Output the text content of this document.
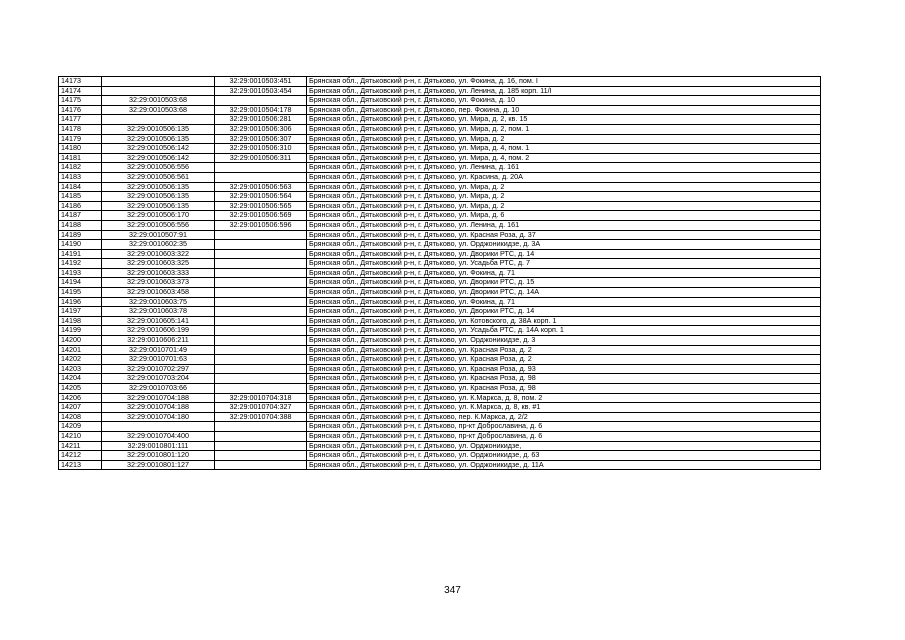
14173		32:29:0010503:451	Брянская обл., Дятьковский р-н, г. Дятьково, ул. Фокина, д. 16, пом. I
14174		32:29:0010503:454	Брянская обл., Дятьковский р-н, г. Дятьково, ул. Ленина, д. 185 корп. 11/I
14175	32:29:0010503:68		Брянская обл., Дятьковский р-н, г. Дятьково, ул. Фокина, д. 10
14176	32:29:0010503:68	32:29:0010504:178	Брянская обл., Дятьковский р-н, г. Дятьково, пер. Фокина, д. 10
14177		32:29:0010506:281	Брянская обл., Дятьковский р-н, г. Дятьково, ул. Мира, д. 2, кв. 15
14178	32:29:0010506:135	32:29:0010506:306	Брянская обл., Дятьковский р-н, г. Дятьково, ул. Мира, д. 2, пом. 1
14179	32:29:0010506:135	32:29:0010506:307	Брянская обл., Дятьковский р-н, г. Дятьково, ул. Мира, д. 2
14180	32:29:0010506:142	32:29:0010506:310	Брянская обл., Дятьковский р-н, г. Дятьково, ул. Мира, д. 4, пом. 1
14181	32:29:0010506:142	32:29:0010506:311	Брянская обл., Дятьковский р-н, г. Дятьково, ул. Мира, д. 4, пом. 2
14182	32:29:0010506:556		Брянская обл., Дятьковский р-н, г. Дятьково, ул. Ленина, д. 161
14183	32:29:0010506:561		Брянская обл., Дятьковский р-н, г. Дятьково, ул. Красина, д. 20А
14184	32:29:0010506:135	32:29:0010506:563	Брянская обл., Дятьковский р-н, г. Дятьково, ул. Мира, д. 2
14185	32:29:0010506:135	32:29:0010506:564	Брянская обл., Дятьковский р-н, г. Дятьково, ул. Мира, д. 2
14186	32:29:0010506:135	32:29:0010506:565	Брянская обл., Дятьковский р-н, г. Дятьково, ул. Мира, д. 2
14187	32:29:0010506:170	32:29:0010506:569	Брянская обл., Дятьковский р-н, г. Дятьково, ул. Мира, д. 6
14188	32:29:0010506:556	32:29:0010506:596	Брянская обл., Дятьковский р-н, г. Дятьково, ул. Ленина, д. 161
14189	32:29:0010507:91		Брянская обл., Дятьковский р-н, г. Дятьково, ул. Красная Роза, д. 37
14190	32:29:0010602:35		Брянская обл., Дятьковский р-н, г. Дятьково, ул. Орджоникидзе, д. 3А
14191	32:29:0010603:322		Брянская обл., Дятьковский р-н, г. Дятьково, ул. Дворики РТС, д. 14
14192	32:29:0010603:325		Брянская обл., Дятьковский р-н, г. Дятьково, ул. Усадьба РТС, д. 7
14193	32:29:0010603:333		Брянская обл., Дятьковский р-н, г. Дятьково, ул. Фокина, д. 71
14194	32:29:0010603:373		Брянская обл., Дятьковский р-н, г. Дятьково, ул. Дворики РТС, д. 15
14195	32:29:0010603:458		Брянская обл., Дятьковский р-н, г. Дятьково, ул. Дворики РТС, д. 14А
14196	32:29:0010603:75		Брянская обл., Дятьковский р-н, г. Дятьково, ул. Фокина, д. 71
14197	32:29:0010603:78		Брянская обл., Дятьковский р-н, г. Дятьково, ул. Дворики РТС, д. 14
14198	32:29:0010605:141		Брянская обл., Дятьковский р-н, г. Дятьково, ул. Котовского, д. 38А корп. 1
14199	32:29:0010606:199		Брянская обл., Дятьковский р-н, г. Дятьково, ул. Усадьба РТС, д. 14А корп. 1
14200	32:29:0010606:211		Брянская обл., Дятьковский р-н, г. Дятьково, ул. Орджоникидзе, д. 3
14201	32:29:0010701:49		Брянская обл., Дятьковский р-н, г. Дятьково, ул. Красная Роза, д. 2
14202	32:29:0010701:63		Брянская обл., Дятьковский р-н, г. Дятьково, ул. Красная Роза, д. 2
14203	32:29:0010702:297		Брянская обл., Дятьковский р-н, г. Дятьково, ул. Красная Роза, д. 93
14204	32:29:0010703:204		Брянская обл., Дятьковский р-н, г. Дятьково, ул. Красная Роза, д. 98
14205	32:29:0010703:66		Брянская обл., Дятьковский р-н, г. Дятьково, ул. Красная Роза, д. 98
14206	32:29:0010704:188	32:29:0010704:318	Брянская обл., Дятьковский р-н, г. Дятьково, ул. К.Маркса, д. 8, пом. 2
14207	32:29:0010704:188	32:29:0010704:327	Брянская обл., Дятьковский р-н, г. Дятьково, ул. К.Маркса, д. 8, кв. #1
14208	32:29:0010704:180	32:29:0010704:388	Брянская обл., Дятьковский р-н, г. Дятьково, пер. К.Маркса, д. 2/2
14209			Брянская обл., Дятьковский р-н, г. Дятьково, пр-кт Доброславина, д. 6
14210	32:29:0010704:400		Брянская обл., Дятьковский р-н, г. Дятьково, пр-кт Доброславина, д. 6
14211	32:29:0010801:111		Брянская обл., Дятьковский р-н, г. Дятьково, ул. Орджоникидзе,
14212	32:29:0010801:120		Брянская обл., Дятьковский р-н, г. Дятьково, ул. Орджоникидзе, д. 63
14213	32:29:0010801:127		Брянская обл., Дятьковский р-н, г. Дятьково, ул. Орджоникидзе, д. 11А
347
